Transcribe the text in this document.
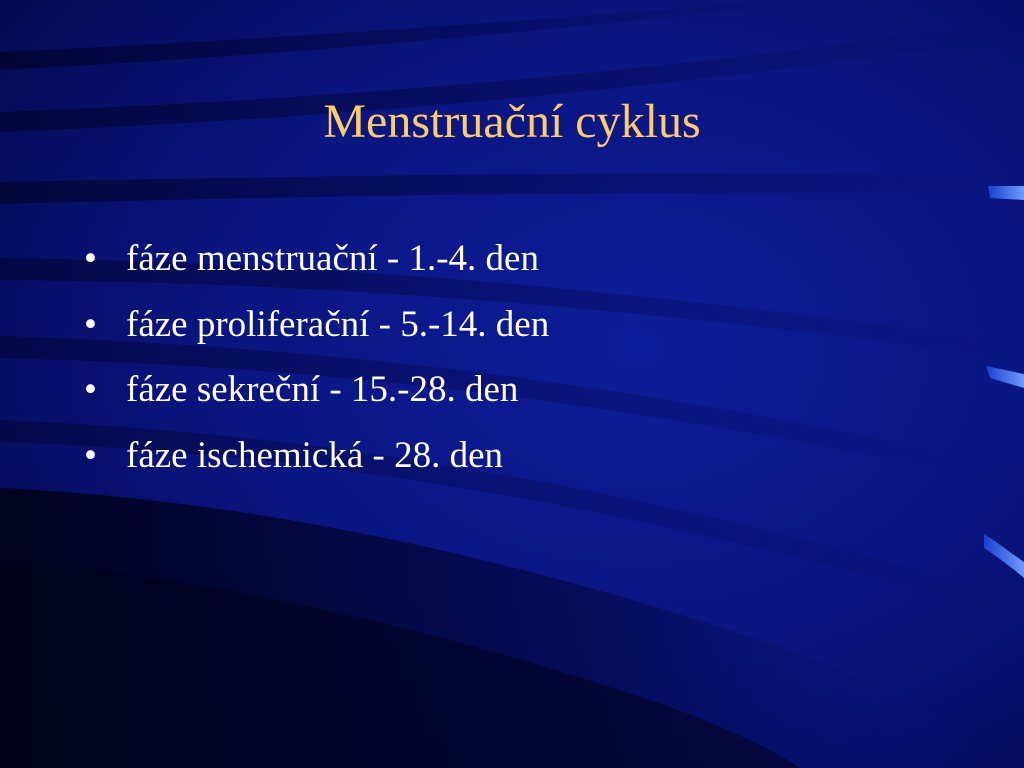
Menstruační cyklus
• fáze menstruační - 1.-4. den
• fáze proliferační - 5.-14. den
• fáze sekreční - 15.-28. den
• fáze ischemická - 28. den
